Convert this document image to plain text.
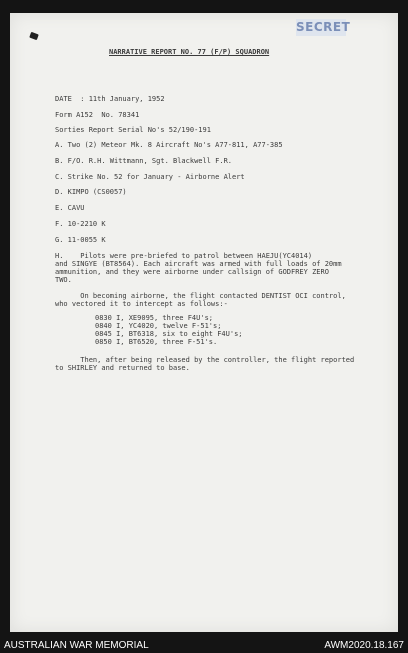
SECRET
NARRATIVE REPORT NO. 77 (F/P) SQUADRON
DATE  : 11th January, 1952
Form A152  No. 78341
Sorties Report Serial No's 52/190-191
A. Two (2) Meteor Mk. 8 Aircraft No's A77-811, A77-385
B. F/O. R.H. Wittmann, Sgt. Blackwell F.R.
C. Strike No. 52 for January - Airborne Alert
D. KIMPO (CS0057)
E. CAVU
F. 10-2210 K
G. 11-0055 K
H.    Pilots were pre-briefed to patrol between HAEJU(YC4014)
and SINGYE (BT8564). Each aircraft was armed with full loads of 20mm
ammunition, and they were airborne under callsign of GODFREY ZERO
TWO.
On becoming airborne, the flight contacted DENTIST OCI control,
who vectored it to intercept as follows:-
0830 I, XE9095, three F4U's;
0840 I, YC4020, twelve F-51's;
0845 I, BT6318, six to eight F4U's;
0850 I, BT6520, three F-51's.
Then, after being released by the controller, the flight reported
to SHIRLEY and returned to base.
AUSTRALIAN WAR MEMORIAL	AWM2020.18.167
